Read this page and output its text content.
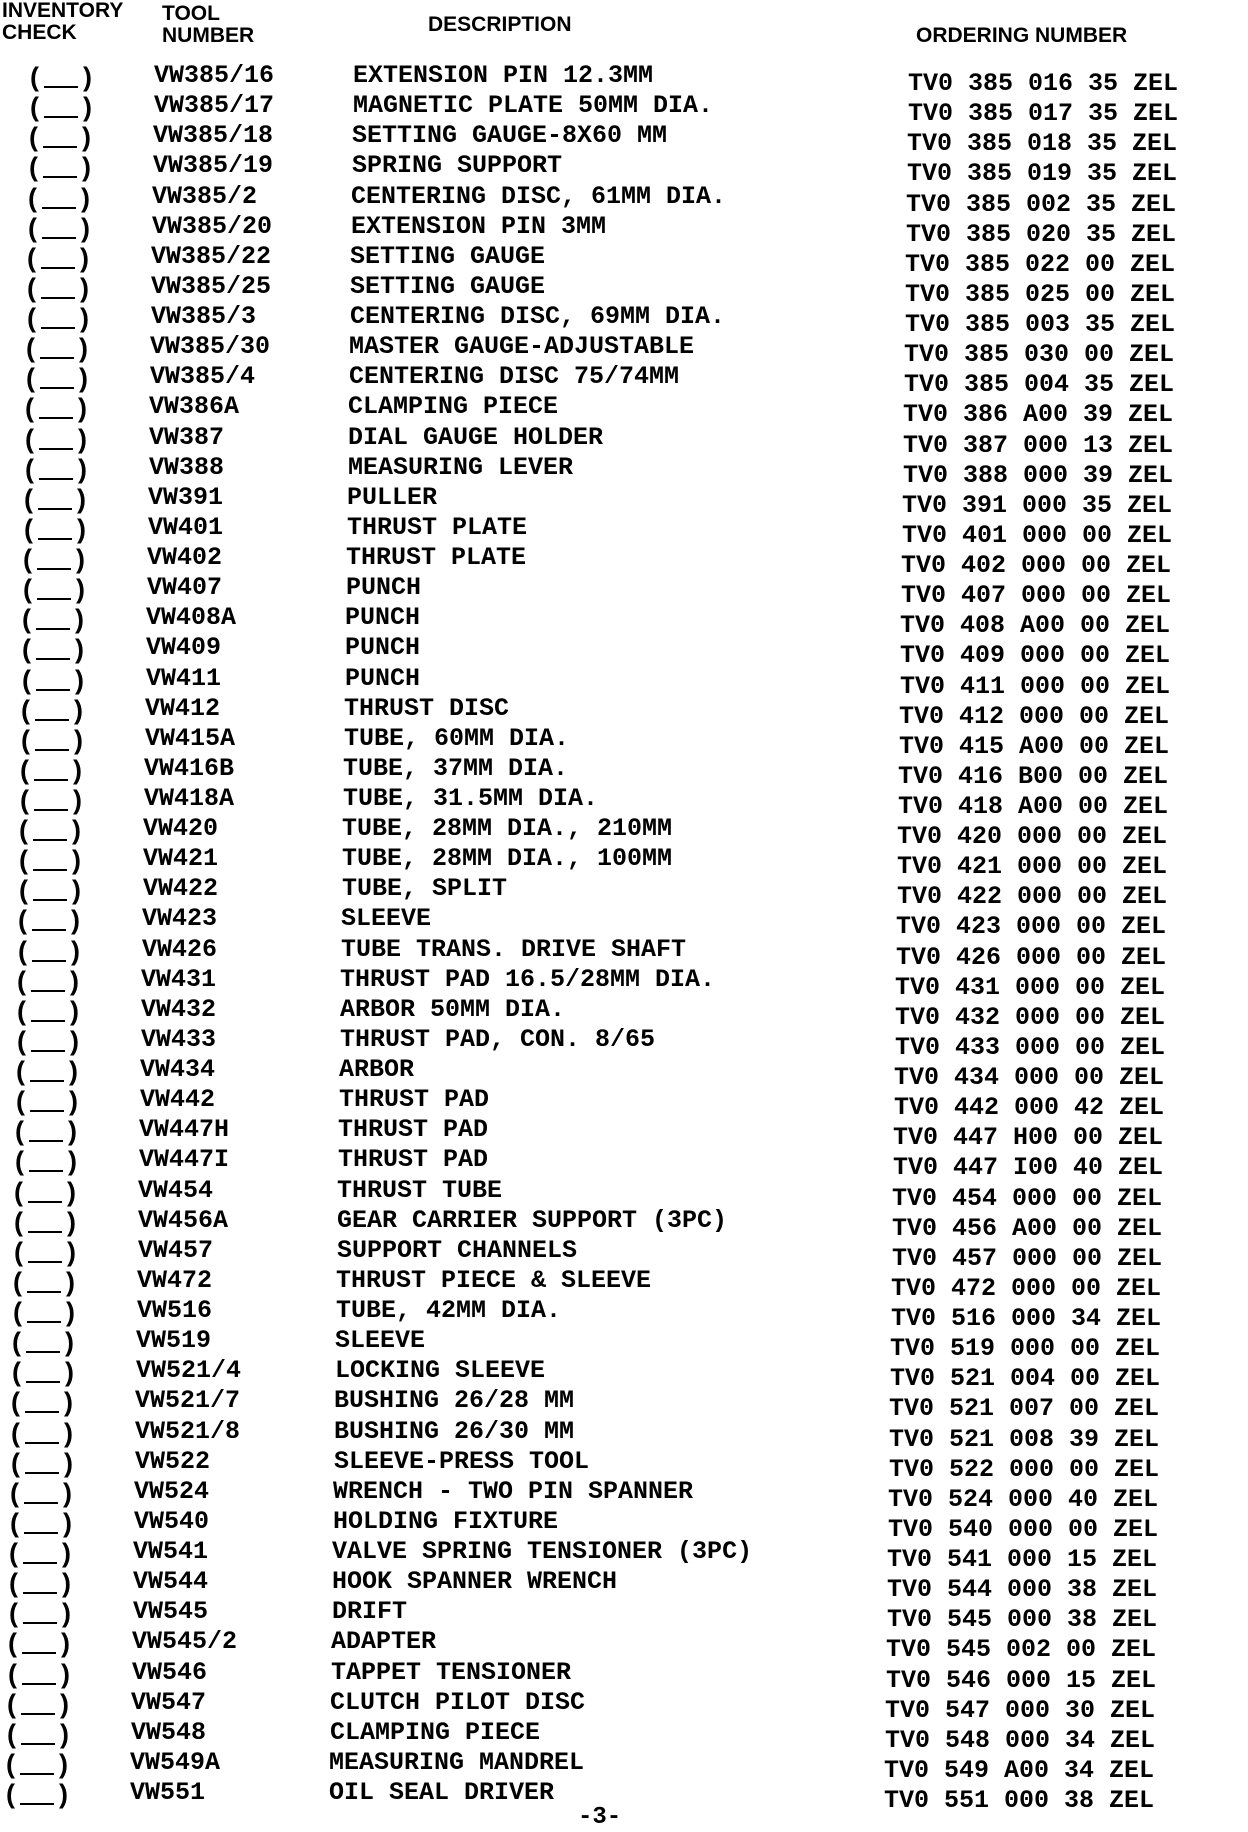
INVENTORY
CHECK
TOOL
NUMBER	DESCRIPTION	ORDERING NUMBER
( ) VW385/16	EXTENSION PIN 12.3MM	TV0 385 016 35 ZEL
( ) VW385/17	MAGNETIC PLATE 50MM DIA.	TV0 385 017 35 ZEL
( ) VW385/18	SETTING GAUGE-8X60 MM	TV0 385 018 35 ZEL
( ) VW385/19	SPRING SUPPORT	TV0 385 019 35 ZEL
( ) VW385/2	CENTERING DISC, 61MM DIA.	TV0 385 002 35 ZEL
( ) VW385/20	EXTENSION PIN 3MM	TV0 385 020 35 ZEL
( ) VW385/22	SETTING GAUGE	TV0 385 022 00 ZEL
( ) VW385/25	SETTING GAUGE	TV0 385 025 00 ZEL
( ) VW385/3	CENTERING DISC, 69MM DIA.	TV0 385 003 35 ZEL
( ) VW385/30	MASTER GAUGE-ADJUSTABLE	TV0 385 030 00 ZEL
( ) VW385/4	CENTERING DISC 75/74MM	TV0 385 004 35 ZEL
( ) VW386A	CLAMPING PIECE	TV0 386 A00 39 ZEL
( ) VW387	DIAL GAUGE HOLDER	TV0 387 000 13 ZEL
( ) VW388	MEASURING LEVER	TV0 388 000 39 ZEL
( ) VW391	PULLER	TV0 391 000 35 ZEL
( ) VW401	THRUST PLATE	TV0 401 000 00 ZEL
( ) VW402	THRUST PLATE	TV0 402 000 00 ZEL
( ) VW407	PUNCH	TV0 407 000 00 ZEL
( ) VW408A	PUNCH	TV0 408 A00 00 ZEL
( ) VW409	PUNCH	TV0 409 000 00 ZEL
( ) VW411	PUNCH	TV0 411 000 00 ZEL
( ) VW412	THRUST DISC	TV0 412 000 00 ZEL
( ) VW415A	TUBE, 60MM DIA.	TV0 415 A00 00 ZEL
( ) VW416B	TUBE, 37MM DIA.	TV0 416 B00 00 ZEL
( ) VW418A	TUBE, 31.5MM DIA.	TV0 418 A00 00 ZEL
( ) VW420	TUBE, 28MM DIA., 210MM	TV0 420 000 00 ZEL
( ) VW421	TUBE, 28MM DIA., 100MM	TV0 421 000 00 ZEL
( ) VW422	TUBE, SPLIT	TV0 422 000 00 ZEL
( ) VW423	SLEEVE	TV0 423 000 00 ZEL
( ) VW426	TUBE TRANS. DRIVE SHAFT	TV0 426 000 00 ZEL
( ) VW431	THRUST PAD 16.5/28MM DIA.	TV0 431 000 00 ZEL
( ) VW432	ARBOR 50MM DIA.	TV0 432 000 00 ZEL
( ) VW433	THRUST PAD, CON. 8/65	TV0 433 000 00 ZEL
( ) VW434	ARBOR	TV0 434 000 00 ZEL
( ) VW442	THRUST PAD	TV0 442 000 42 ZEL
( ) VW447H	THRUST PAD	TV0 447 H00 00 ZEL
( ) VW447I	THRUST PAD	TV0 447 I00 40 ZEL
( ) VW454	THRUST TUBE	TV0 454 000 00 ZEL
( ) VW456A	GEAR CARRIER SUPPORT (3PC)	TV0 456 A00 00 ZEL
( ) VW457	SUPPORT CHANNELS	TV0 457 000 00 ZEL
( ) VW472	THRUST PIECE & SLEEVE	TV0 472 000 00 ZEL
( ) VW516	TUBE, 42MM DIA.	TV0 516 000 34 ZEL
( ) VW519	SLEEVE	TV0 519 000 00 ZEL
( ) VW521/4	LOCKING SLEEVE	TV0 521 004 00 ZEL
( ) VW521/7	BUSHING 26/28 MM	TV0 521 007 00 ZEL
( ) VW521/8	BUSHING 26/30 MM	TV0 521 008 39 ZEL
( ) VW522	SLEEVE-PRESS TOOL	TV0 522 000 00 ZEL
( ) VW524	WRENCH - TWO PIN SPANNER	TV0 524 000 40 ZEL
( ) VW540	HOLDING FIXTURE	TV0 540 000 00 ZEL
( ) VW541	VALVE SPRING TENSIONER (3PC)	TV0 541 000 15 ZEL
( ) VW544	HOOK SPANNER WRENCH	TV0 544 000 38 ZEL
( ) VW545	DRIFT	TV0 545 000 38 ZEL
( ) VW545/2	ADAPTER	TV0 545 002 00 ZEL
( ) VW546	TAPPET TENSIONER	TV0 546 000 15 ZEL
( ) VW547	CLUTCH PILOT DISC	TV0 547 000 30 ZEL
( ) VW548	CLAMPING PIECE	TV0 548 000 34 ZEL
( ) VW549A	MEASURING MANDREL	TV0 549 A00 34 ZEL
( ) VW551	OIL SEAL DRIVER	TV0 551 000 38 ZEL
-3-
